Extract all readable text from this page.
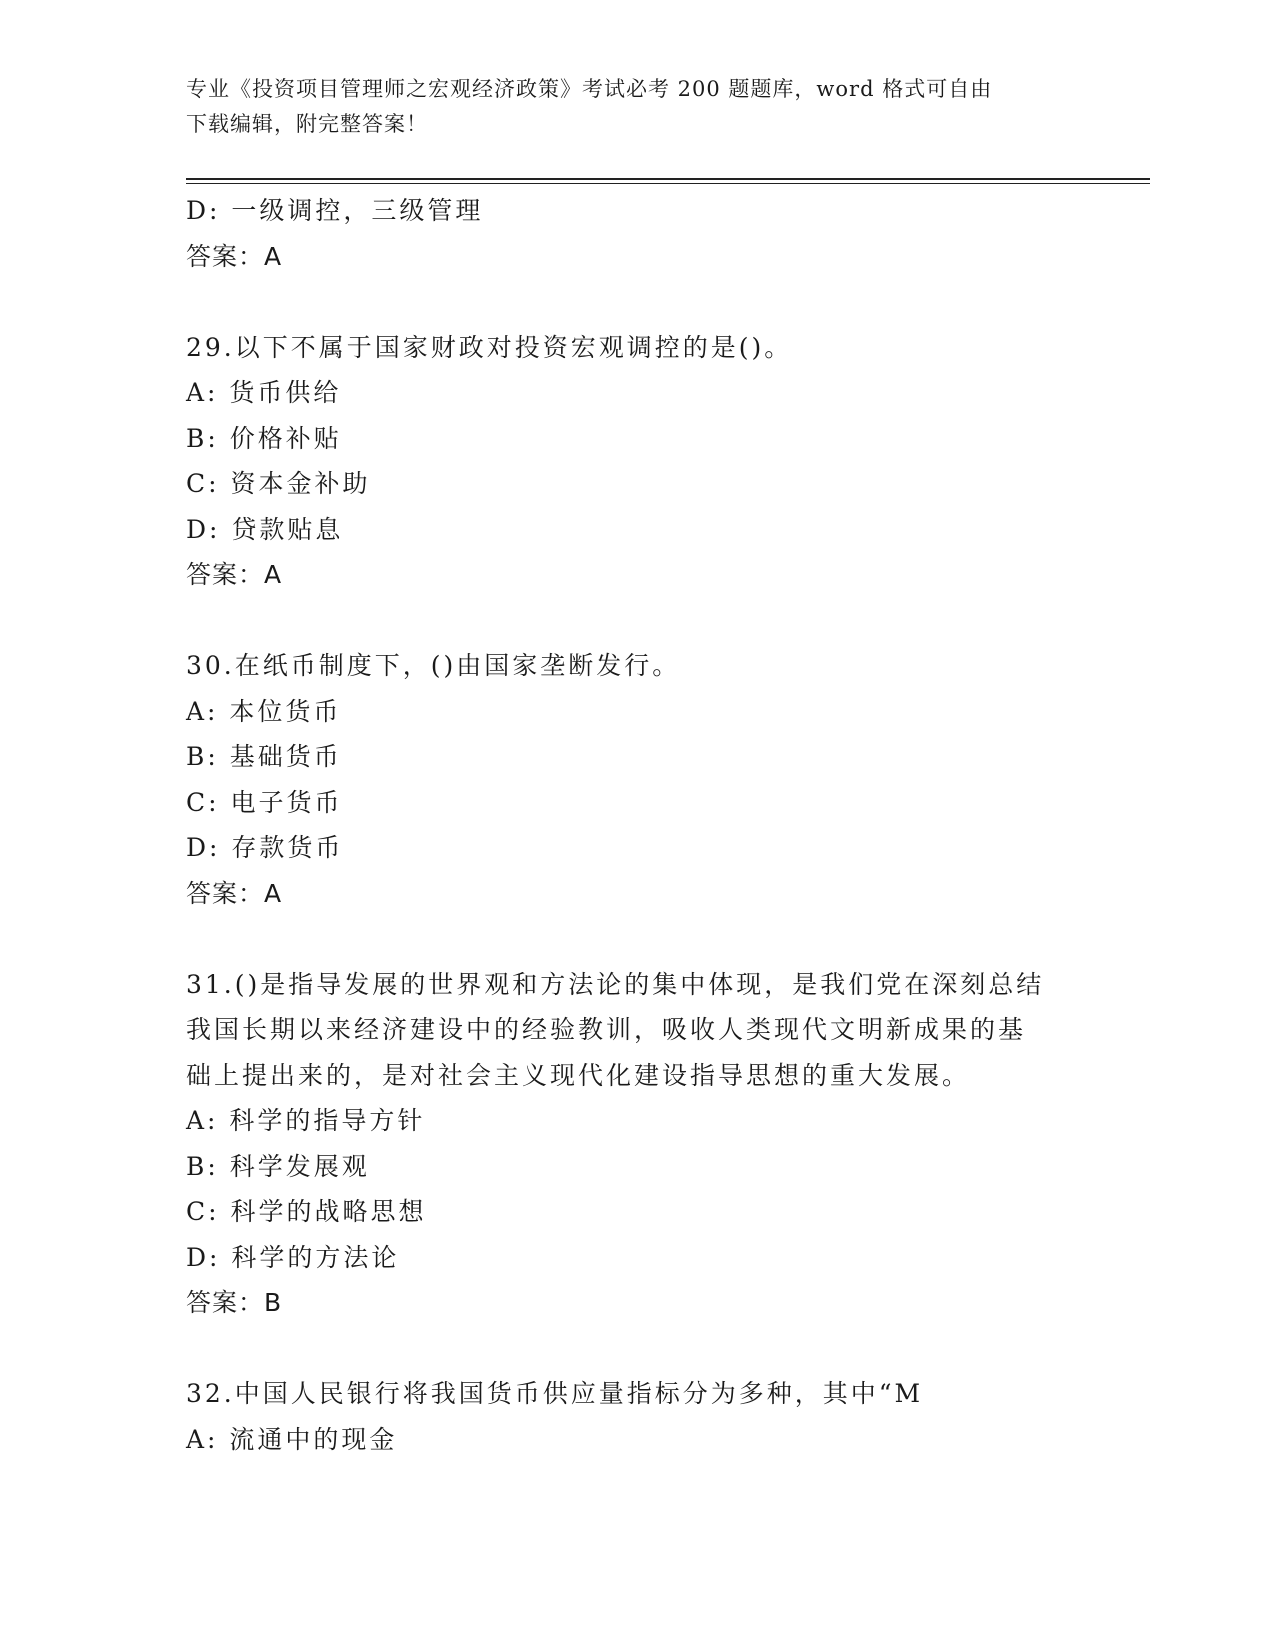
专业《投资项目管理师之宏观经济政策》考试必考 200 题题库，word 格式可自由
下载编辑，附完整答案！
D: 一级调控，三级管理
答案：A
29.以下不属于国家财政对投资宏观调控的是()。
A: 货币供给
B: 价格补贴
C: 资本金补助
D: 贷款贴息
答案：A
30.在纸币制度下，()由国家垄断发行。
A: 本位货币
B: 基础货币
C: 电子货币
D: 存款货币
答案：A
31.()是指导发展的世界观和方法论的集中体现，是我们党在深刻总结
我国长期以来经济建设中的经验教训，吸收人类现代文明新成果的基
础上提出来的，是对社会主义现代化建设指导思想的重大发展。
A: 科学的指导方针
B: 科学发展观
C: 科学的战略思想
D: 科学的方法论
答案：B
32.中国人民银行将我国货币供应量指标分为多种，其中“M
A: 流通中的现金
